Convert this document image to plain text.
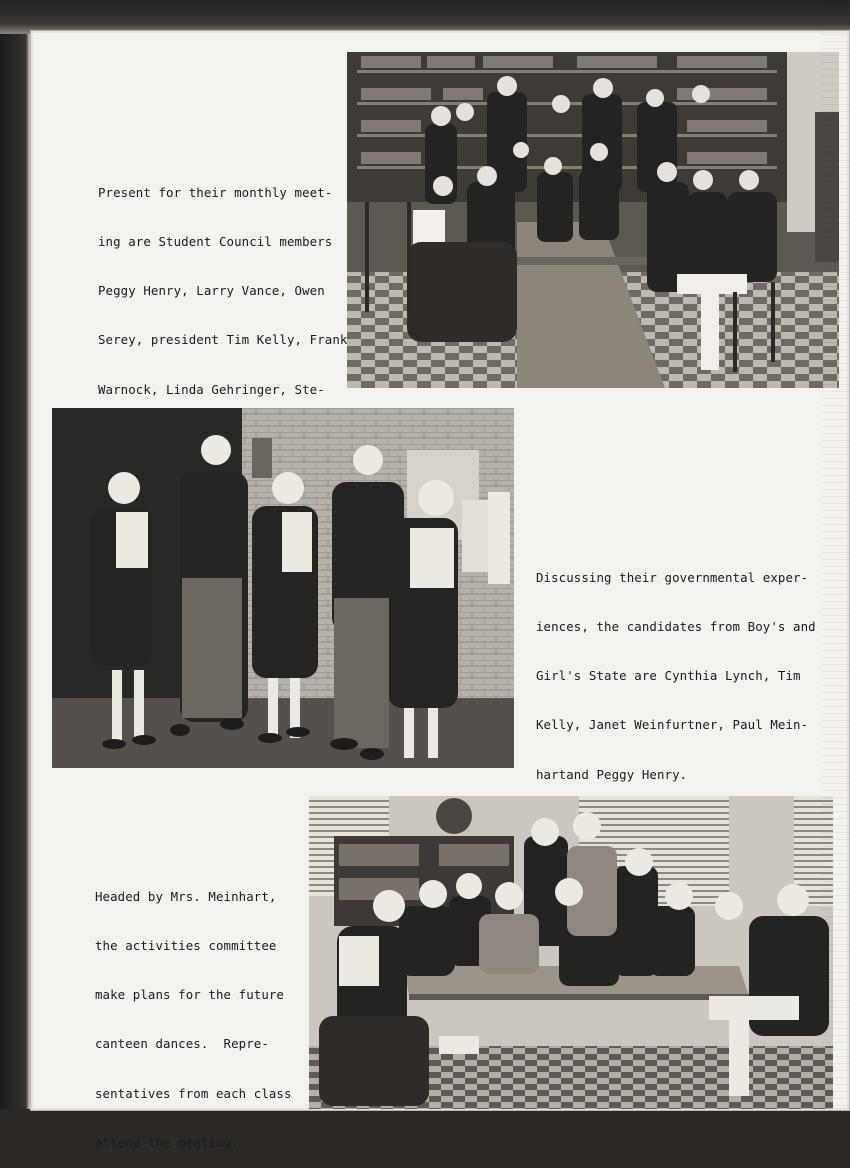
Present for their monthly meet-

ing are Student Council members

Peggy Henry, Larry Vance, Owen

Serey, president Tim Kelly, Frank

Warnock, Linda Gehringer, Ste-

Discussing their governmental exper-

iences, the candidates from Boy's and

Girl's State are Cynthia Lynch, Tim

Kelly, Janet Weinfurtner, Paul Mein-

hartand Peggy Henry.

Headed by Mrs. Meinhart,

the activities committee

make plans for the future

canteen dances.  Repre-

sentatives from each class

attend the meeting.
